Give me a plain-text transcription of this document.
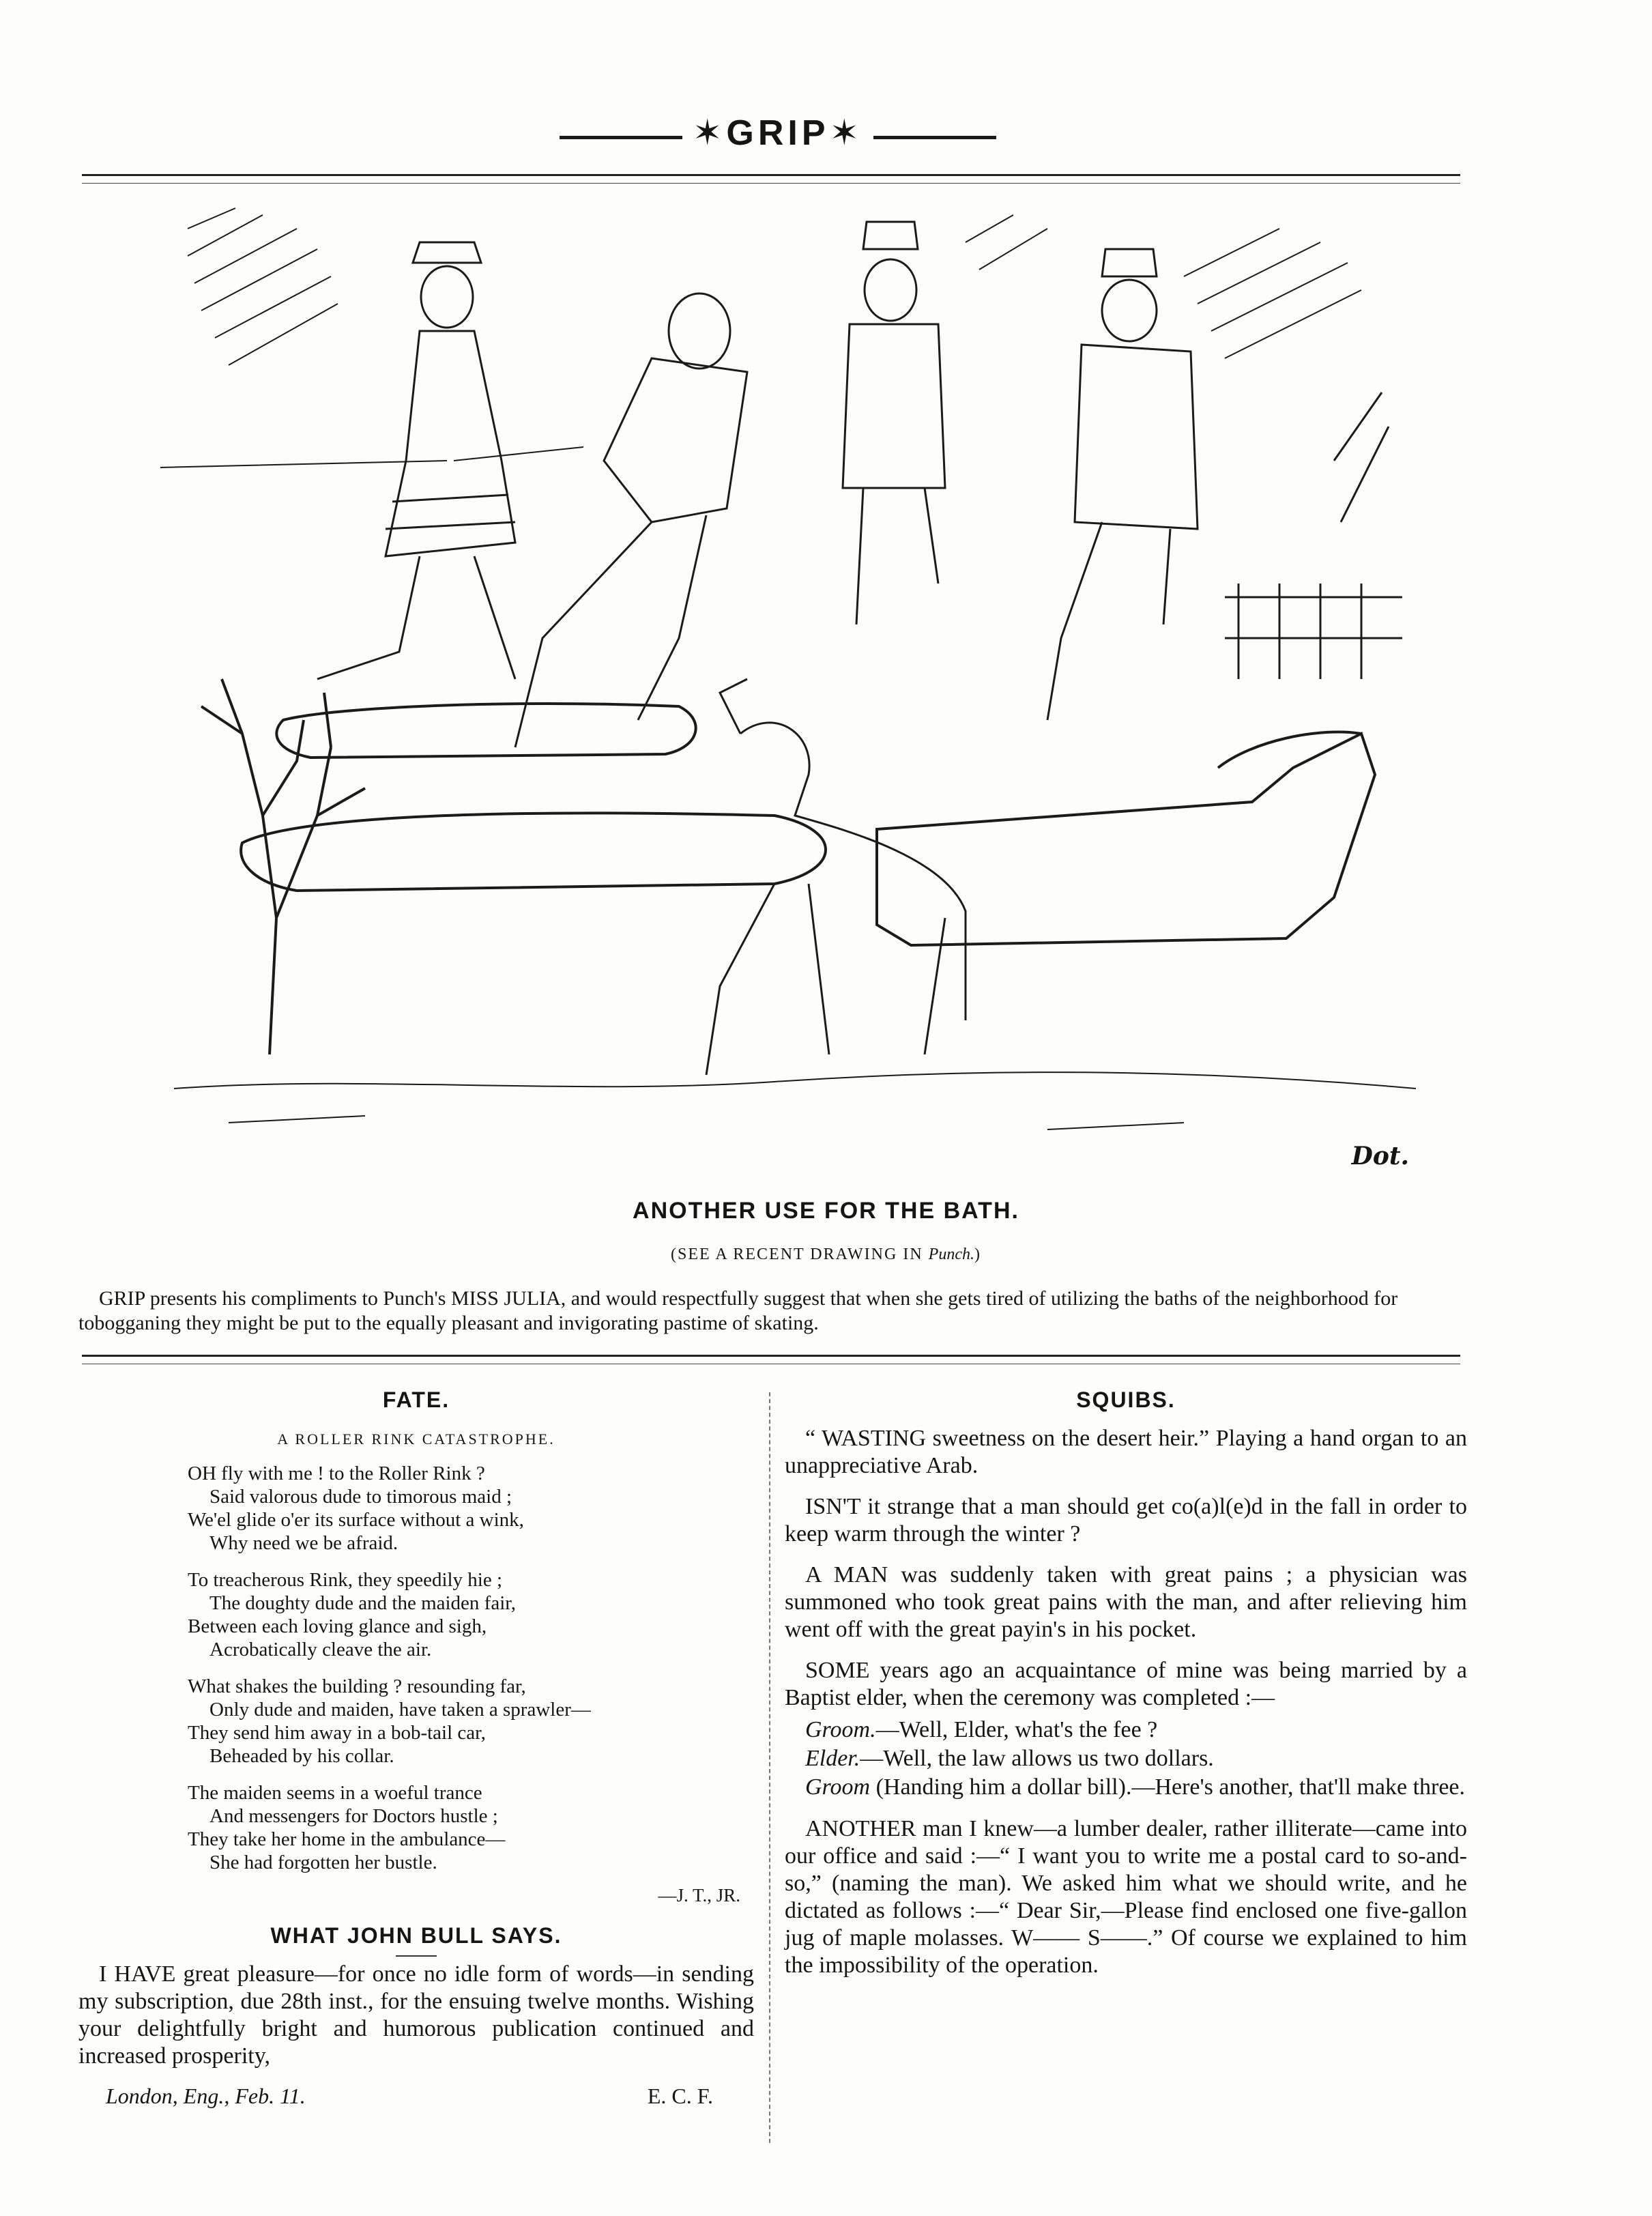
✶GRIP✶
Dot.
ANOTHER USE FOR THE BATH.
(SEE A RECENT DRAWING IN Punch.)
GRIP presents his compliments to Punch's MISS JULIA, and would respectfully suggest that when she gets tired of utilizing the baths of the neighborhood for tobogganing they might be put to the equally pleasant and invigorating pastime of skating.
FATE.
A ROLLER RINK CATASTROPHE.
OH fly with me ! to the Roller Rink ?
Said valorous dude to timorous maid ;
We'el glide o'er its surface without a wink,
Why need we be afraid.
To treacherous Rink, they speedily hie ;
The doughty dude and the maiden fair,
Between each loving glance and sigh,
Acrobatically cleave the air.
What shakes the building ? resounding far,
Only dude and maiden, have taken a sprawler—
They send him away in a bob-tail car,
Beheaded by his collar.
The maiden seems in a woeful trance
And messengers for Doctors hustle ;
They take her home in the ambulance—
She had forgotten her bustle.
—J. T., JR.
WHAT JOHN BULL SAYS.

I HAVE great pleasure—for once no idle form of words—in sending my subscription, due 28th inst., for the ensuing twelve months. Wishing your delightfully bright and humorous publication continued and increased prosperity,

London, Eng., Feb. 11.	E. C. F.
SQUIBS.

“ WASTING sweetness on the desert heir.” Playing a hand organ to an unappreciative Arab.

ISN'T it strange that a man should get co(a)l(e)d in the fall in order to keep warm through the winter ?

A MAN was suddenly taken with great pains ; a physician was summoned who took great pains with the man, and after relieving him went off with the great payin's in his pocket.

SOME years ago an acquaintance of mine was being married by a Baptist elder, when the ceremony was completed :—

Groom.—Well, Elder, what's the fee ?

Elder.—Well, the law allows us two dollars.

Groom (Handing him a dollar bill).—Here's another, that'll make three.

ANOTHER man I knew—a lumber dealer, rather illiterate—came into our office and said :—“ I want you to write me a postal card to so-and-so,” (naming the man). We asked him what we should write, and he dictated as follows :—“ Dear Sir,—Please find enclosed one five-gallon jug of maple molasses. W—— S——.” Of course we explained to him the impossibility of the operation.
